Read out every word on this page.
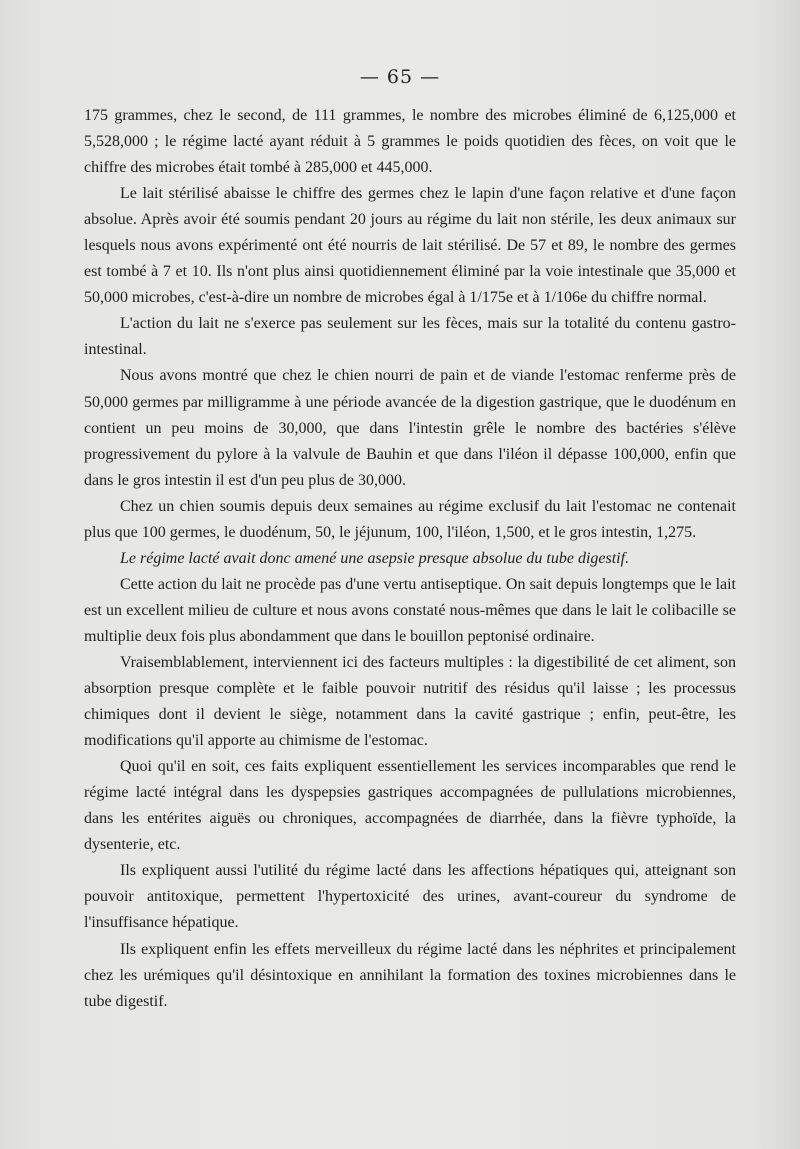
— 65 —

175 grammes, chez le second, de 111 grammes, le nombre des microbes éliminé de 6,125,000 et 5,528,000 ; le régime lacté ayant réduit à 5 grammes le poids quotidien des fèces, on voit que le chiffre des microbes était tombé à 285,000 et 445,000.

Le lait stérilisé abaisse le chiffre des germes chez le lapin d'une façon relative et d'une façon absolue. Après avoir été soumis pendant 20 jours au régime du lait non stérile, les deux animaux sur lesquels nous avons expérimenté ont été nourris de lait stérilisé. De 57 et 89, le nombre des germes est tombé à 7 et 10. Ils n'ont plus ainsi quotidiennement éliminé par la voie intestinale que 35,000 et 50,000 microbes, c'est-à-dire un nombre de microbes égal à 1/175e et à 1/106e du chiffre normal.

L'action du lait ne s'exerce pas seulement sur les fèces, mais sur la totalité du contenu gastro-intestinal.

Nous avons montré que chez le chien nourri de pain et de viande l'estomac renferme près de 50,000 germes par milligramme à une période avancée de la digestion gastrique, que le duodénum en contient un peu moins de 30,000, que dans l'intestin grêle le nombre des bactéries s'élève progressivement du pylore à la valvule de Bauhin et que dans l'iléon il dépasse 100,000, enfin que dans le gros intestin il est d'un peu plus de 30,000.

Chez un chien soumis depuis deux semaines au régime exclusif du lait l'estomac ne contenait plus que 100 germes, le duodénum, 50, le jéjunum, 100, l'iléon, 1,500, et le gros intestin, 1,275.

Le régime lacté avait donc amené une asepsie presque absolue du tube digestif.

Cette action du lait ne procède pas d'une vertu antiseptique. On sait depuis longtemps que le lait est un excellent milieu de culture et nous avons constaté nous-mêmes que dans le lait le colibacille se multiplie deux fois plus abondamment que dans le bouillon peptonisé ordinaire.

Vraisemblablement, interviennent ici des facteurs multiples : la digestibilité de cet aliment, son absorption presque complète et le faible pouvoir nutritif des résidus qu'il laisse ; les processus chimiques dont il devient le siège, notamment dans la cavité gastrique ; enfin, peut-être, les modifications qu'il apporte au chimisme de l'estomac.

Quoi qu'il en soit, ces faits expliquent essentiellement les services incomparables que rend le régime lacté intégral dans les dyspepsies gastriques accompagnées de pullulations microbiennes, dans les entérites aiguës ou chroniques, accompagnées de diarrhée, dans la fièvre typhoïde, la dysenterie, etc.

Ils expliquent aussi l'utilité du régime lacté dans les affections hépatiques qui, atteignant son pouvoir antitoxique, permettent l'hypertoxicité des urines, avant-coureur du syndrome de l'insuffisance hépatique.

Ils expliquent enfin les effets merveilleux du régime lacté dans les néphrites et principalement chez les urémiques qu'il désintoxique en annihilant la formation des toxines microbiennes dans le tube digestif.
